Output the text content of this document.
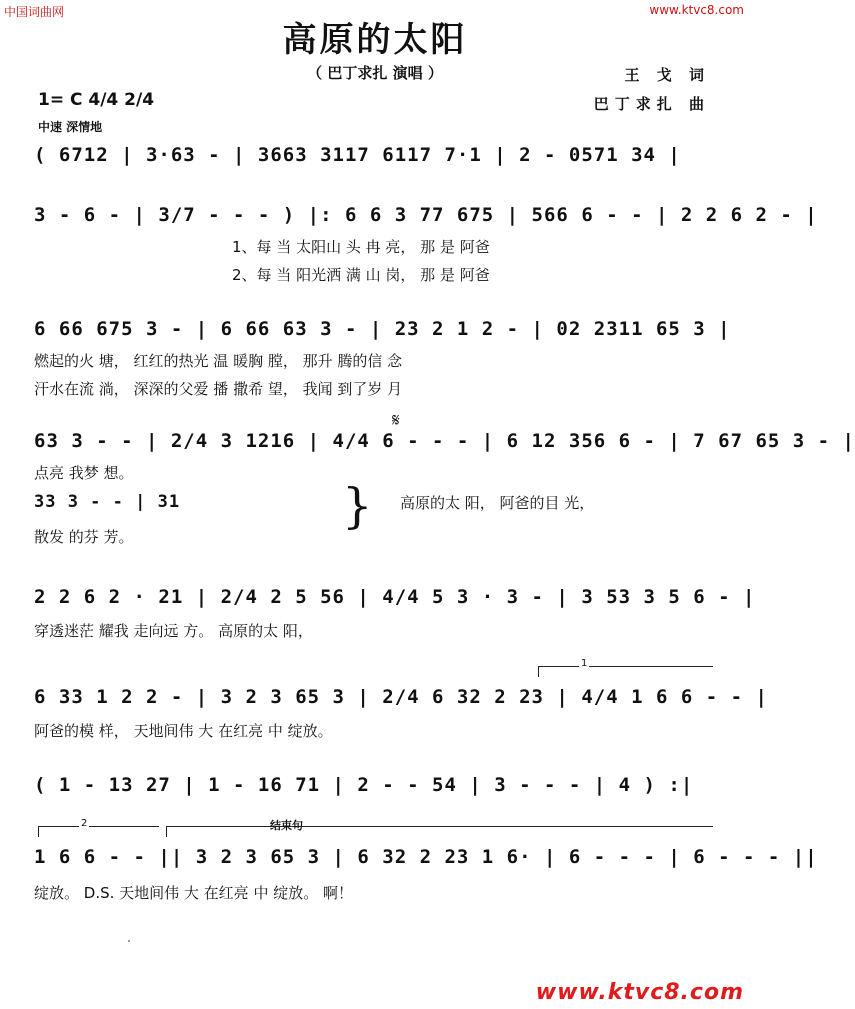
中国词曲网	www.ktvc8.com
高原的太阳
（ 巴丁求扎 演唱 ）	王 戈 词
巴丁求扎 曲
1= C 4/4 2/4
中速 深情地
( 6712 | 3·63 - | 3663 3117 6117 7·1 | 2 - 0571 34 |
3 - 6 - | 3/7 - - - ) |: 6 6 3 77 675 | 566 6 - - | 2 2 6 2 - |
1、每 当 太阳山 头 冉 亮， 那 是 阿爸
2、每 当 阳光洒 满 山 岗， 那 是 阿爸
6 66 675 3 - | 6 66 63 3 - | 23 2 1 2 - | 02 2311 65 3 |
燃起的火 塘， 红红的热光 温 暖胸 膛， 那升 腾的信 念
汗水在流 淌， 深深的父爱 播 撒希 望， 我闻 到了岁 月
𝄋
63 3 - - | 2/4 3 1216 | 4/4 6 - - - | 6 12 356 6 - | 7 67 65 3 - |
点亮 我梦 想。
33 3 - - | 31
散发 的芬 芳。
} 高原的太 阳， 阿爸的目 光，
2 2 6 2 · 21 | 2/4 2 5 56 | 4/4 5 3 · 3 - | 3 53 3 5 6 - |
穿透迷茫 耀我 走向远 方。 高原的太 阳，
1
6 33 1 2 2 - | 3 2 3 65 3 | 2/4 6 32 2 23 | 4/4 1 6 6 - - |
阿爸的模 样， 天地间伟 大 在红亮 中 绽放。
( 1 - 13 27 | 1 - 16 71 | 2 - - 54 | 3 - - - | 4 ) :|
2	结束句
1 6 6 - - || 3 2 3 65 3 | 6 32 2 23 1 6· | 6 - - - | 6 - - - ||
绽放。 D.S. 天地间伟 大 在红亮 中 绽放。 啊！
www.ktvc8.com
